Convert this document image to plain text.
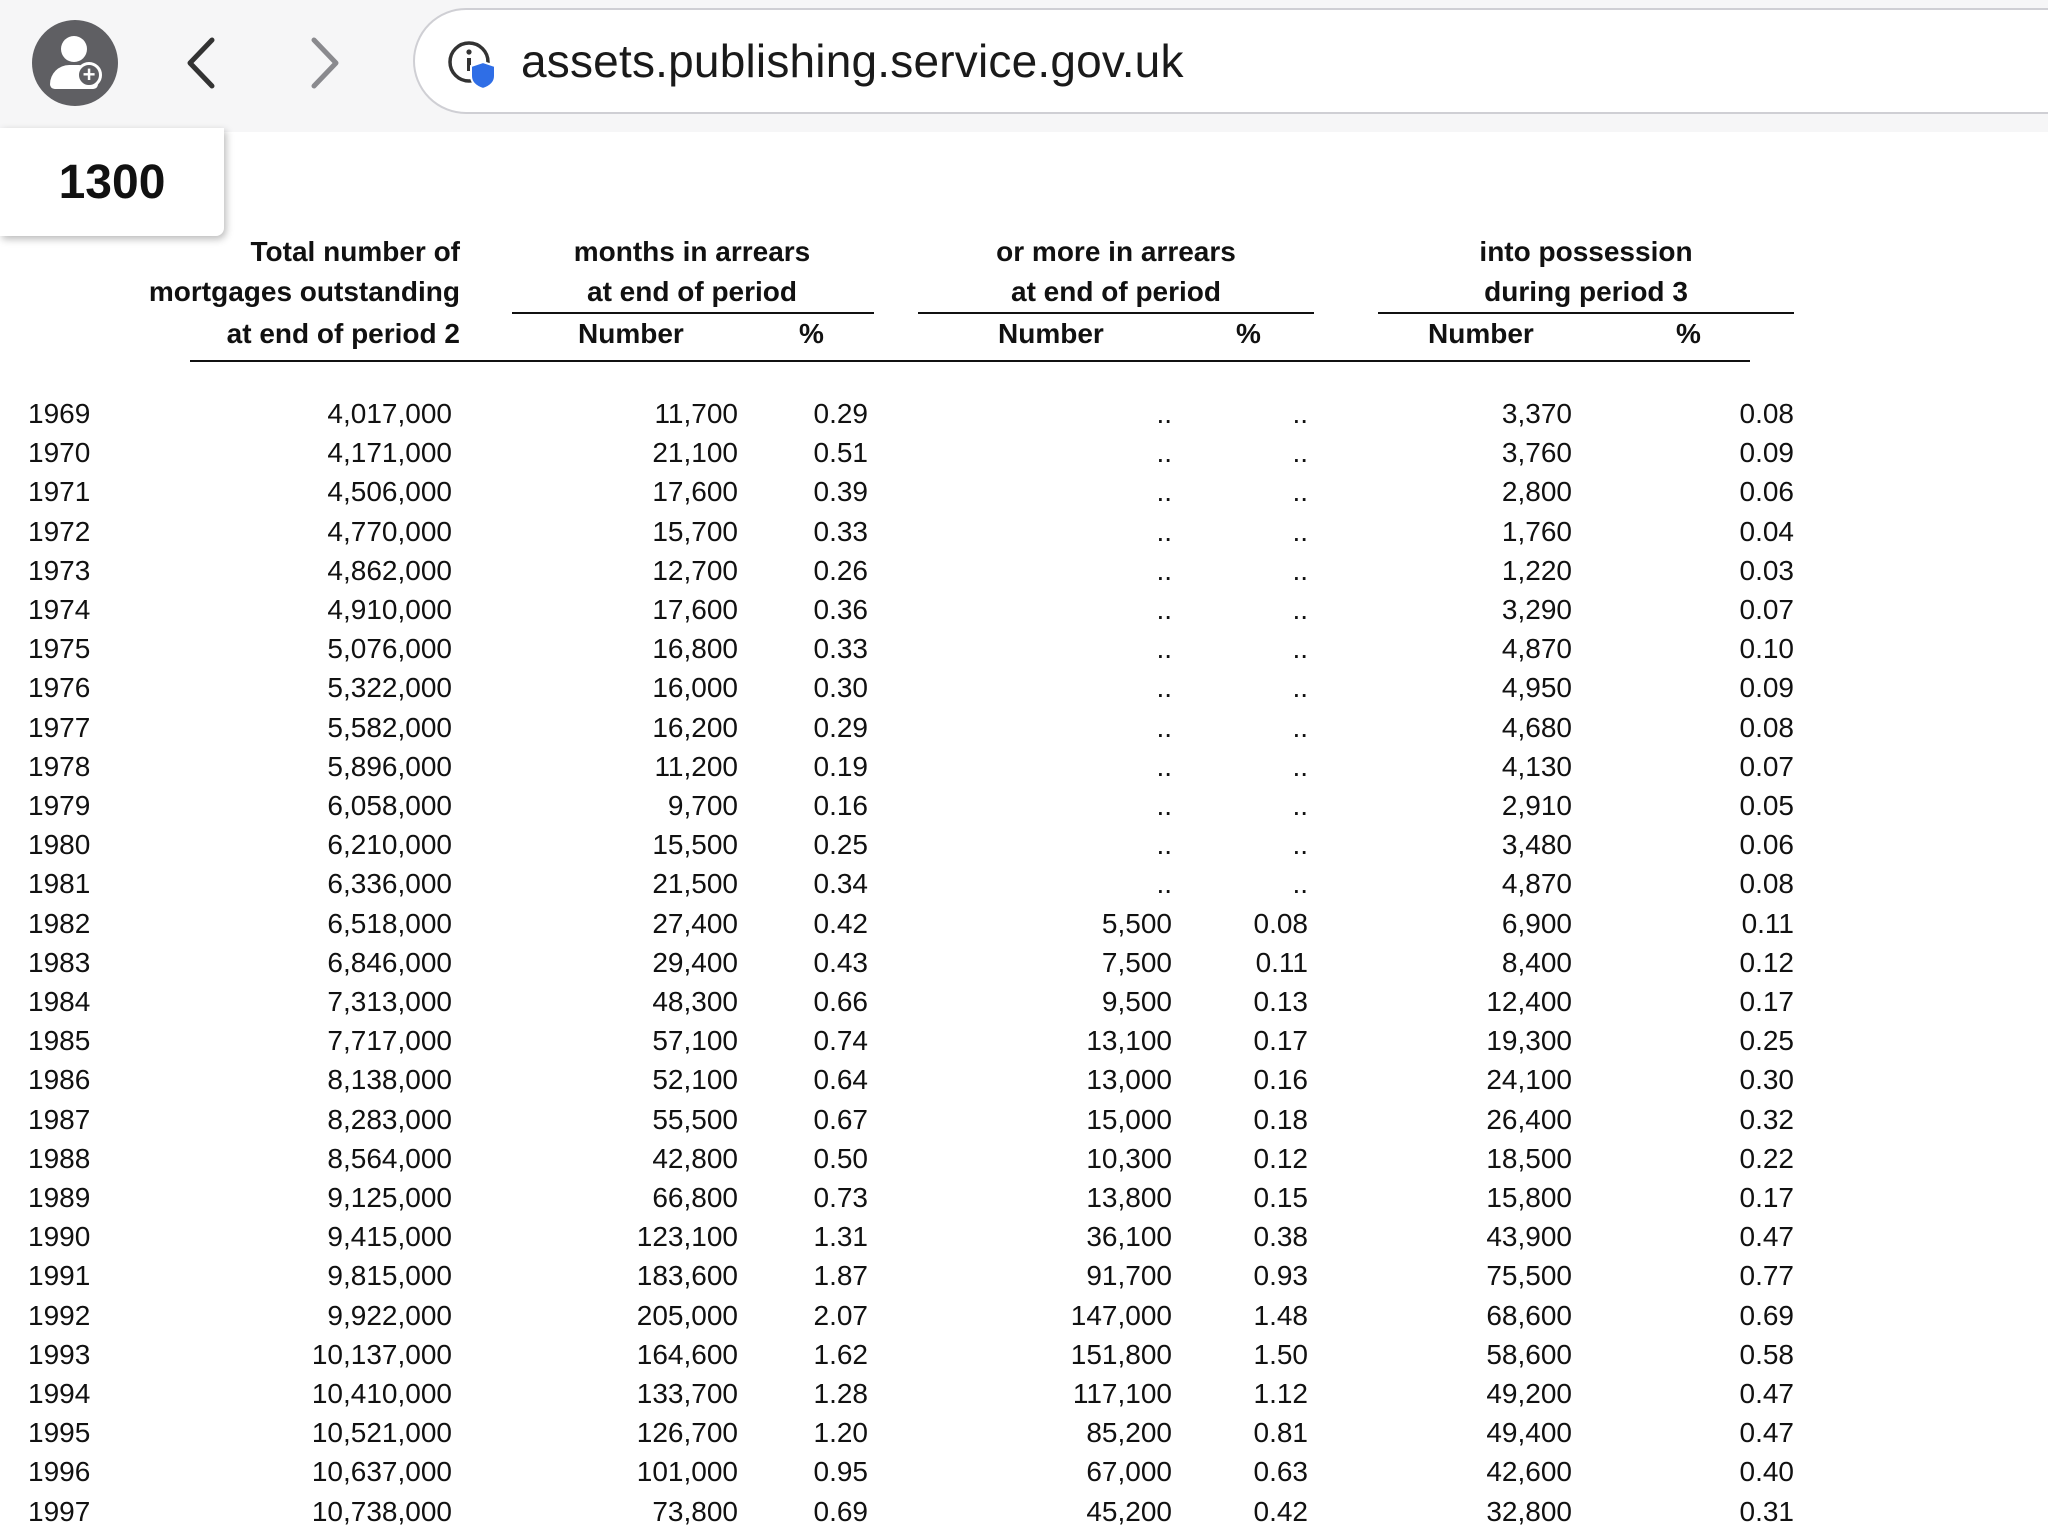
+	assets.publishing.service.gov.uk
1300
Total number of
mortgages outstanding
at end of period 2
months in arrears
at end of period
Number	%
or more in arrears
at end of period
Number	%
into possession
during period 3
Number	%
1969	4,017,000	11,700	0.29	..	..	3,370	0.08
1970	4,171,000	21,100	0.51	..	..	3,760	0.09
1971	4,506,000	17,600	0.39	..	..	2,800	0.06
1972	4,770,000	15,700	0.33	..	..	1,760	0.04
1973	4,862,000	12,700	0.26	..	..	1,220	0.03
1974	4,910,000	17,600	0.36	..	..	3,290	0.07
1975	5,076,000	16,800	0.33	..	..	4,870	0.10
1976	5,322,000	16,000	0.30	..	..	4,950	0.09
1977	5,582,000	16,200	0.29	..	..	4,680	0.08
1978	5,896,000	11,200	0.19	..	..	4,130	0.07
1979	6,058,000	9,700	0.16	..	..	2,910	0.05
1980	6,210,000	15,500	0.25	..	..	3,480	0.06
1981	6,336,000	21,500	0.34	..	..	4,870	0.08
1982	6,518,000	27,400	0.42	5,500	0.08	6,900	0.11
1983	6,846,000	29,400	0.43	7,500	0.11	8,400	0.12
1984	7,313,000	48,300	0.66	9,500	0.13	12,400	0.17
1985	7,717,000	57,100	0.74	13,100	0.17	19,300	0.25
1986	8,138,000	52,100	0.64	13,000	0.16	24,100	0.30
1987	8,283,000	55,500	0.67	15,000	0.18	26,400	0.32
1988	8,564,000	42,800	0.50	10,300	0.12	18,500	0.22
1989	9,125,000	66,800	0.73	13,800	0.15	15,800	0.17
1990	9,415,000	123,100	1.31	36,100	0.38	43,900	0.47
1991	9,815,000	183,600	1.87	91,700	0.93	75,500	0.77
1992	9,922,000	205,000	2.07	147,000	1.48	68,600	0.69
1993	10,137,000	164,600	1.62	151,800	1.50	58,600	0.58
1994	10,410,000	133,700	1.28	117,100	1.12	49,200	0.47
1995	10,521,000	126,700	1.20	85,200	0.81	49,400	0.47
1996	10,637,000	101,000	0.95	67,000	0.63	42,600	0.40
1997	10,738,000	73,800	0.69	45,200	0.42	32,800	0.31
